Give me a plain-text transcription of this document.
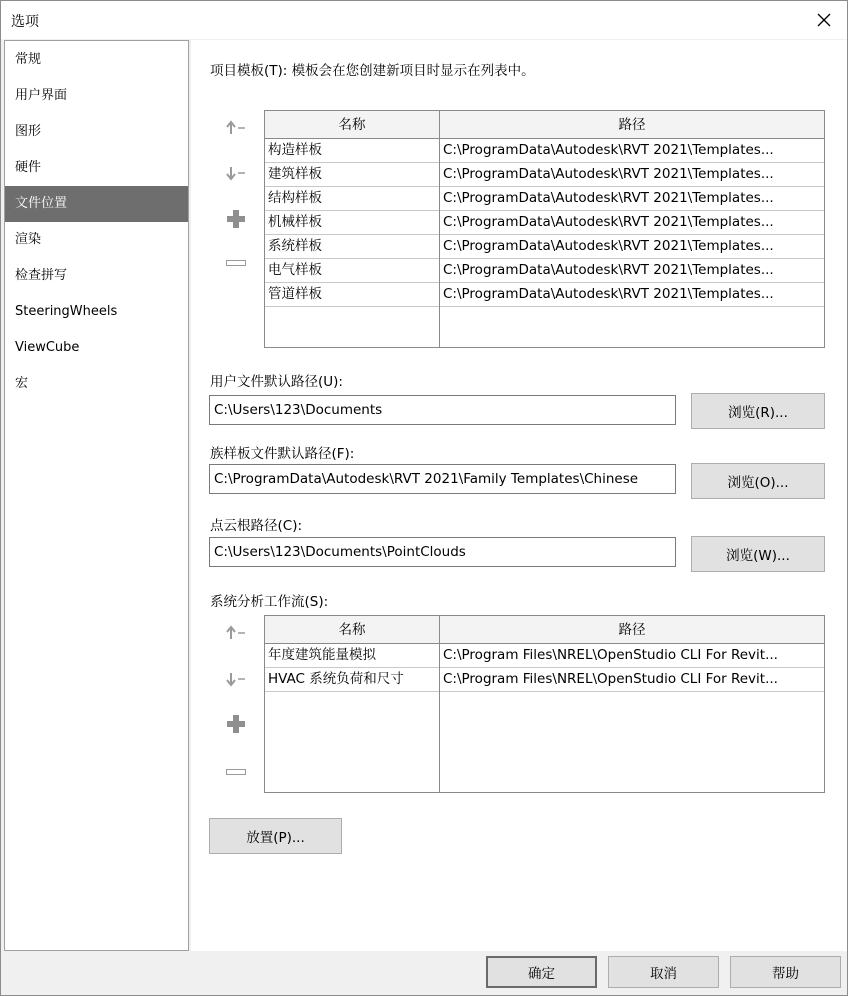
选项
常规
用户界面
图形
硬件
文件位置
渲染
检查拼写
SteeringWheels
ViewCube
宏
项目模板(T): 模板会在您创建新项目时显示在列表中。
名称	路径
构造样板	C:\ProgramData\Autodesk\RVT 2021\Templates...
建筑样板	C:\ProgramData\Autodesk\RVT 2021\Templates...
结构样板	C:\ProgramData\Autodesk\RVT 2021\Templates...
机械样板	C:\ProgramData\Autodesk\RVT 2021\Templates...
系统样板	C:\ProgramData\Autodesk\RVT 2021\Templates...
电气样板	C:\ProgramData\Autodesk\RVT 2021\Templates...
管道样板	C:\ProgramData\Autodesk\RVT 2021\Templates...
用户文件默认路径(U):
C:\Users\123\Documents	浏览(R)...
族样板文件默认路径(F):
C:\ProgramData\Autodesk\RVT 2021\Family Templates\Chinese	浏览(O)...
点云根路径(C):
C:\Users\123\Documents\PointClouds	浏览(W)...
系统分析工作流(S):
名称	路径
年度建筑能量模拟	C:\Program Files\NREL\OpenStudio CLI For Revit...
HVAC 系统负荷和尺寸	C:\Program Files\NREL\OpenStudio CLI For Revit...
放置(P)...
确定	取消	帮助
